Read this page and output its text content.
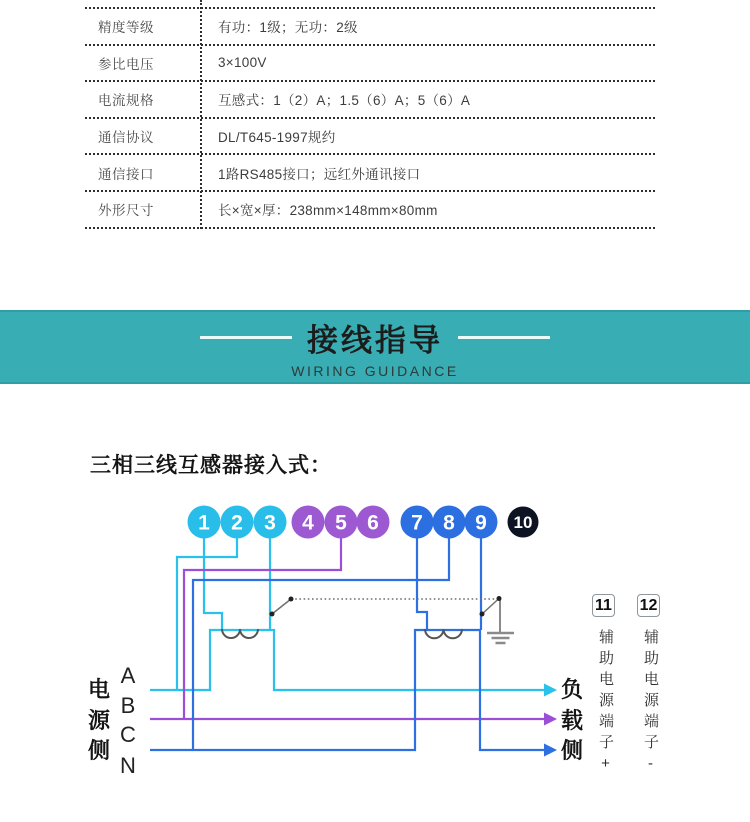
精度等级	有功：1级；无功：2级
参比电压	3×100V
电流规格	互感式：1（2）A；1.5（6）A；5（6）A
通信协议	DL/T645-1997规约
通信接口	1路RS485接口；远红外通讯接口
外形尺寸	长×宽×厚：238mm×148mm×80mm
接线指导
WIRING GUIDANCE
三相三线互感器接入式：
1 2 3 4 5 6 7 8 9 10
电
源
侧
A
B
C
N
负
载
侧
11
辅助电源端子+
12
辅助电源端子-
